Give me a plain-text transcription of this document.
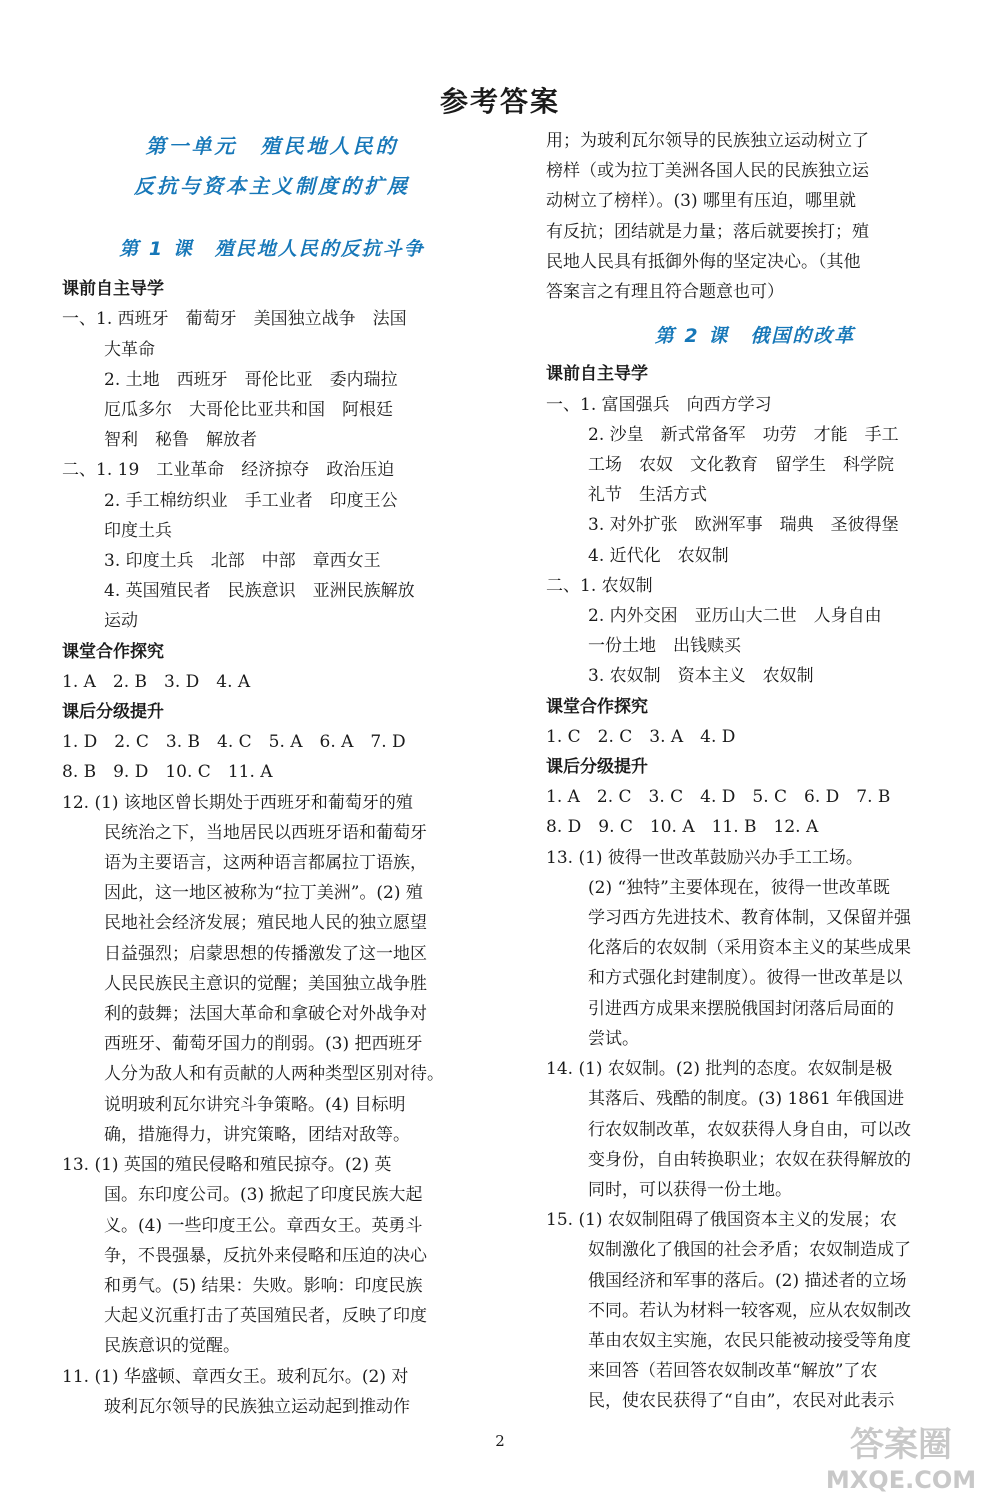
参考答案
第一单元　殖民地人民的
反抗与资本主义制度的扩展
第 1 课　殖民地人民的反抗斗争

课前自主导学

一、1. 西班牙　葡萄牙　美国独立战争　法国

大革命

2. 土地　西班牙　哥伦比亚　委内瑞拉

厄瓜多尔　大哥伦比亚共和国　阿根廷

智利　秘鲁　解放者

二、1. 19　工业革命　经济掠夺　政治压迫

2. 手工棉纺织业　手工业者　印度王公

印度土兵

3. 印度土兵　北部　中部　章西女王

4. 英国殖民者　民族意识　亚洲民族解放

运动

课堂合作探究

1. A　2. B　3. D　4. A

课后分级提升

1. D　2. C　3. B　4. C　5. A　6. A　7. D

8. B　9. D　10. C　11. A

12. (1) 该地区曾长期处于西班牙和葡萄牙的殖

民统治之下，当地居民以西班牙语和葡萄牙

语为主要语言，这两种语言都属拉丁语族，

因此，这一地区被称为“拉丁美洲”。(2) 殖

民地社会经济发展；殖民地人民的独立愿望

日益强烈；启蒙思想的传播激发了这一地区

人民民族民主意识的觉醒；美国独立战争胜

利的鼓舞；法国大革命和拿破仑对外战争对

西班牙、葡萄牙国力的削弱。(3) 把西班牙

人分为敌人和有贡献的人两种类型区别对待。

说明玻利瓦尔讲究斗争策略。(4) 目标明

确，措施得力，讲究策略，团结对敌等。

13. (1) 英国的殖民侵略和殖民掠夺。(2) 英

国。东印度公司。(3) 掀起了印度民族大起

义。(4) 一些印度王公。章西女王。英勇斗

争，不畏强暴，反抗外来侵略和压迫的决心

和勇气。(5) 结果：失败。影响：印度民族

大起义沉重打击了英国殖民者，反映了印度

民族意识的觉醒。

11. (1) 华盛顿、章西女王。玻利瓦尔。(2) 对

玻利瓦尔领导的民族独立运动起到推动作

用；为玻利瓦尔领导的民族独立运动树立了

榜样（或为拉丁美洲各国人民的民族独立运

动树立了榜样）。(3) 哪里有压迫，哪里就

有反抗；团结就是力量；落后就要挨打；殖

民地人民具有抵御外侮的坚定决心。（其他

答案言之有理且符合题意也可）

第 2 课　俄国的改革

课前自主导学

一、1. 富国强兵　向西方学习

2. 沙皇　新式常备军　功劳　才能　手工

工场　农奴　文化教育　留学生　科学院

礼节　生活方式

3. 对外扩张　欧洲军事　瑞典　圣彼得堡

4. 近代化　农奴制

二、1. 农奴制

2. 内外交困　亚历山大二世　人身自由

一份土地　出钱赎买

3. 农奴制　资本主义　农奴制

课堂合作探究

1. C　2. C　3. A　4. D

课后分级提升

1. A　2. C　3. C　4. D　5. C　6. D　7. B

8. D　9. C　10. A　11. B　12. A

13. (1) 彼得一世改革鼓励兴办手工工场。

(2) “独特”主要体现在，彼得一世改革既

学习西方先进技术、教育体制，又保留并强

化落后的农奴制（采用资本主义的某些成果

和方式强化封建制度）。彼得一世改革是以

引进西方成果来摆脱俄国封闭落后局面的

尝试。

14. (1) 农奴制。(2) 批判的态度。农奴制是极

其落后、残酷的制度。(3) 1861 年俄国进

行农奴制改革，农奴获得人身自由，可以改

变身份，自由转换职业；农奴在获得解放的

同时，可以获得一份土地。

15. (1) 农奴制阻碍了俄国资本主义的发展；农

奴制激化了俄国的社会矛盾；农奴制造成了

俄国经济和军事的落后。(2) 描述者的立场

不同。若认为材料一较客观，应从农奴制改

革由农奴主实施，农民只能被动接受等角度

来回答（若回答农奴制改革“解放”了农

民，使农民获得了“自由”，农民对此表示

2	答案圈
MXQE.COM
